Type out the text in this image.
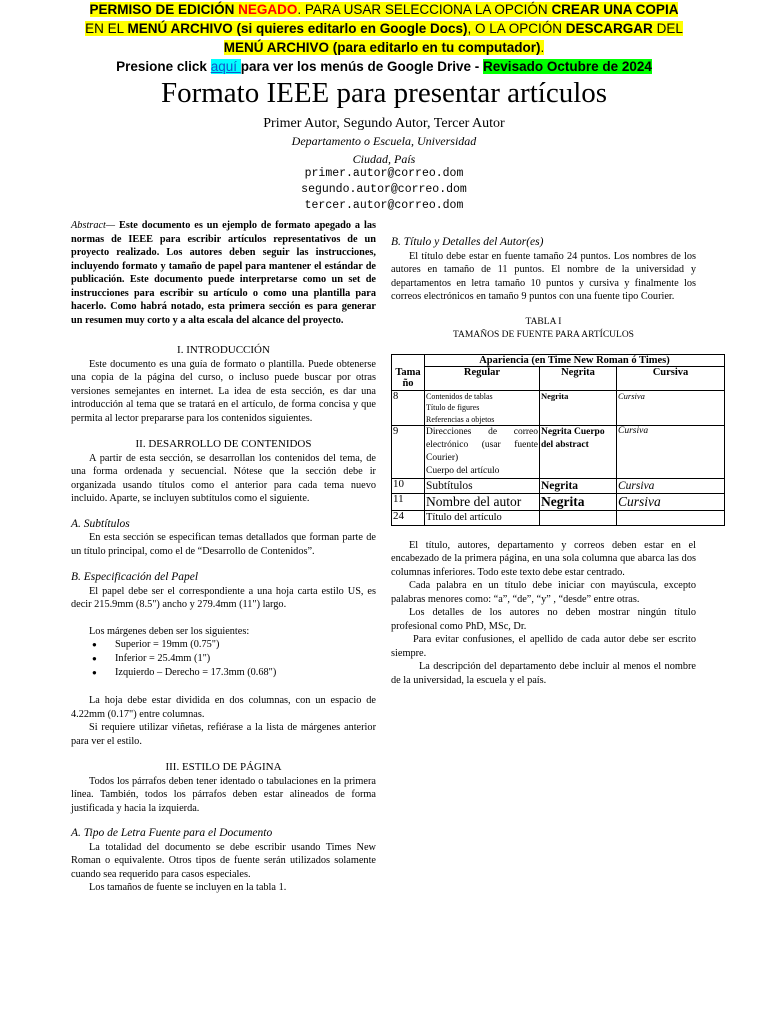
PERMISO DE EDICIÓN NEGADO. PARA USAR SELECCIONA LA OPCIÓN CREAR UNA COPIA
EN EL MENÚ ARCHIVO (si quieres editarlo en Google Docs), O LA OPCIÓN DESCARGAR DEL
MENÚ ARCHIVO (para editarlo en tu computador).
Presione click aquí para ver los menús de Google Drive - Revisado Octubre de 2024
Formato IEEE para presentar artículos
Primer Autor, Segundo Autor, Tercer Autor
Departamento o Escuela, Universidad
Ciudad, País
primer.autor@correo.dom
segundo.autor@correo.dom
tercer.autor@correo.dom

Abstract— Este documento es un ejemplo de formato apegado a las normas de IEEE para escribir artículos representativos de un proyecto realizado. Los autores deben seguir las instrucciones, incluyendo formato y tamaño de papel para mantener el estándar de publicación. Este documento puede interpretarse como un set de instrucciones para escribir su artículo o como una plantilla para hacerlo. Como habrá notado, esta primera sección es para generar un resumen muy corto y a alta escala del alcance del proyecto.

I. INTRODUCCIÓN

Este documento es una guía de formato o plantilla. Puede obtenerse una copia de la página del curso, o incluso puede buscar por otras versiones semejantes en internet. La idea de esta sección, es dar una introducción al tema que se tratará en el artículo, de forma concisa y que permita al lector prepararse para los contenidos siguientes.

II. DESARROLLO DE CONTENIDOS

A partir de esta sección, se desarrollan los contenidos del tema, de una forma ordenada y secuencial. Nótese que la sección debe ir organizada usando títulos como el anterior para cada tema nuevo incluido. Aparte, se incluyen subtítulos como el siguiente.

A. Subtítulos

En esta sección se especifican temas detallados que forman parte de un título principal, como el de “Desarrollo de Contenidos”.

B. Especificación del Papel

El papel debe ser el correspondiente a una hoja carta estilo US, es decir 215.9mm (8.5") ancho y 279.4mm (11") largo.

Los márgenes deben ser los siguientes:

● Superior = 19mm (0.75")
● Inferior = 25.4mm (1")
● Izquierdo – Derecho = 17.3mm (0.68")

La hoja debe estar dividida en dos columnas, con un espacio de 4.22mm (0.17") entre columnas.

Si requiere utilizar viñetas, refiérase a la lista de márgenes anterior para ver el estilo.

III. ESTILO DE PÁGINA

Todos los párrafos deben tener identado o tabulaciones en la primera línea. También, todos los párrafos deben estar alineados de forma justificada y hacia la izquierda.

A. Tipo de Letra Fuente para el Documento

La totalidad del documento se debe escribir usando Times New Roman o equivalente. Otros tipos de fuente serán utilizados solamente cuando sea requerido para casos especiales.

Los tamaños de fuente se incluyen en la tabla 1.

B. Título y Detalles del Autor(es)

El título debe estar en fuente tamaño 24 puntos. Los nombres de los autores en tamaño de 11 puntos. El nombre de la universidad y departamentos en letra tamaño 10 puntos y cursiva y finalmente los correos electrónicos en tamaño 9 puntos con una fuente tipo Courier.

TABLA I

TAMAÑOS DE FUENTE PARA ARTÍCULOS

	Apariencia (en Time New Roman ó Times)		
Tamaño	Regular	Negrita	Cursiva
8	Contenidos de tablas
Título de figures
Referencias a objetos	Negrita	Cursiva
9	Direcciones de correo electrónico (usar fuente Courier)
Cuerpo del artículo	Negrita Cuerpo del abstract	Cursiva
10	Subtítulos	Negrita	Cursiva
11	Nombre del autor	Negrita	Cursiva
24	Título del artículo		

El título, autores, departamento y correos deben estar en el encabezado de la primera página, en una sola columna que abarca las dos columnas inferiores. Todo este texto debe estar centrado.

Cada palabra en un título debe iniciar con mayúscula, excepto palabras menores como: “a”, “de”, “y” , “desde” entre otras.

Los detalles de los autores no deben mostrar ningún título profesional como PhD, MSc, Dr.

Para evitar confusiones, el apellido de cada autor debe ser escrito siempre.

La descripción del departamento debe incluir al menos el nombre de la universidad, la escuela y el país.
